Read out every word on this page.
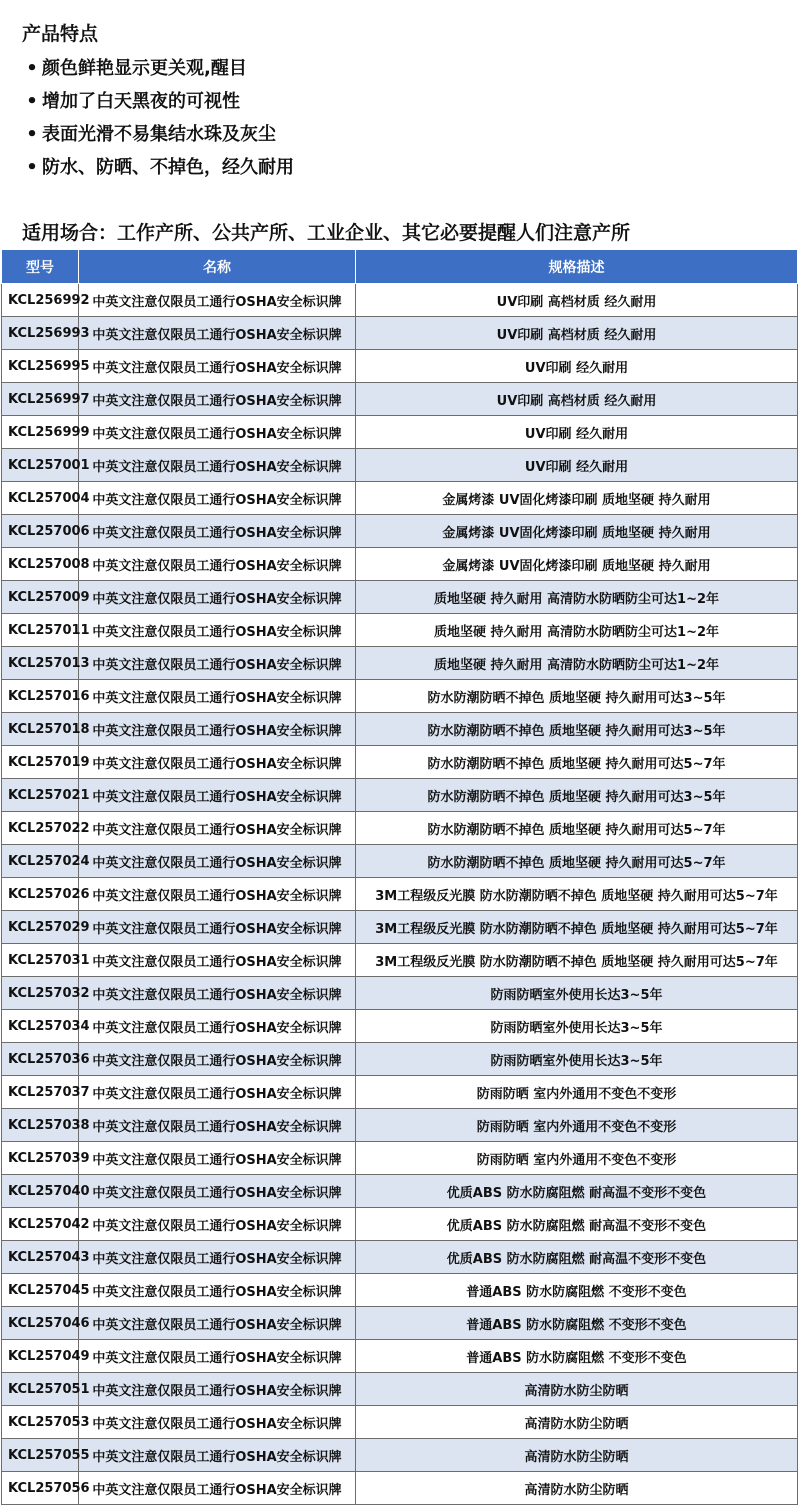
产品特点
• 颜色鲜艳显示更关观,醒目
• 增加了白天黑夜的可视性
• 表面光滑不易集结水珠及灰尘
• 防水、防晒、不掉色，经久耐用
适用场合：工作产所、公共产所、工业企业、其它必要提醒人们注意产所
型号	名称	规格描述
KCL256992	中英文注意仅限员工通行OSHA安全标识牌	UV印刷 高档材质 经久耐用
KCL256993	中英文注意仅限员工通行OSHA安全标识牌	UV印刷 高档材质 经久耐用
KCL256995	中英文注意仅限员工通行OSHA安全标识牌	UV印刷 经久耐用
KCL256997	中英文注意仅限员工通行OSHA安全标识牌	UV印刷 高档材质 经久耐用
KCL256999	中英文注意仅限员工通行OSHA安全标识牌	UV印刷 经久耐用
KCL257001	中英文注意仅限员工通行OSHA安全标识牌	UV印刷 经久耐用
KCL257004	中英文注意仅限员工通行OSHA安全标识牌	金属烤漆 UV固化烤漆印刷 质地坚硬 持久耐用
KCL257006	中英文注意仅限员工通行OSHA安全标识牌	金属烤漆 UV固化烤漆印刷 质地坚硬 持久耐用
KCL257008	中英文注意仅限员工通行OSHA安全标识牌	金属烤漆 UV固化烤漆印刷 质地坚硬 持久耐用
KCL257009	中英文注意仅限员工通行OSHA安全标识牌	质地坚硬 持久耐用 高清防水防晒防尘可达1~2年
KCL257011	中英文注意仅限员工通行OSHA安全标识牌	质地坚硬 持久耐用 高清防水防晒防尘可达1~2年
KCL257013	中英文注意仅限员工通行OSHA安全标识牌	质地坚硬 持久耐用 高清防水防晒防尘可达1~2年
KCL257016	中英文注意仅限员工通行OSHA安全标识牌	防水防潮防晒不掉色 质地坚硬 持久耐用可达3~5年
KCL257018	中英文注意仅限员工通行OSHA安全标识牌	防水防潮防晒不掉色 质地坚硬 持久耐用可达3~5年
KCL257019	中英文注意仅限员工通行OSHA安全标识牌	防水防潮防晒不掉色 质地坚硬 持久耐用可达5~7年
KCL257021	中英文注意仅限员工通行OSHA安全标识牌	防水防潮防晒不掉色 质地坚硬 持久耐用可达3~5年
KCL257022	中英文注意仅限员工通行OSHA安全标识牌	防水防潮防晒不掉色 质地坚硬 持久耐用可达5~7年
KCL257024	中英文注意仅限员工通行OSHA安全标识牌	防水防潮防晒不掉色 质地坚硬 持久耐用可达5~7年
KCL257026	中英文注意仅限员工通行OSHA安全标识牌	3M工程级反光膜 防水防潮防晒不掉色 质地坚硬 持久耐用可达5~7年
KCL257029	中英文注意仅限员工通行OSHA安全标识牌	3M工程级反光膜 防水防潮防晒不掉色 质地坚硬 持久耐用可达5~7年
KCL257031	中英文注意仅限员工通行OSHA安全标识牌	3M工程级反光膜 防水防潮防晒不掉色 质地坚硬 持久耐用可达5~7年
KCL257032	中英文注意仅限员工通行OSHA安全标识牌	防雨防晒室外使用长达3~5年
KCL257034	中英文注意仅限员工通行OSHA安全标识牌	防雨防晒室外使用长达3~5年
KCL257036	中英文注意仅限员工通行OSHA安全标识牌	防雨防晒室外使用长达3~5年
KCL257037	中英文注意仅限员工通行OSHA安全标识牌	防雨防晒 室内外通用不变色不变形
KCL257038	中英文注意仅限员工通行OSHA安全标识牌	防雨防晒 室内外通用不变色不变形
KCL257039	中英文注意仅限员工通行OSHA安全标识牌	防雨防晒 室内外通用不变色不变形
KCL257040	中英文注意仅限员工通行OSHA安全标识牌	优质ABS 防水防腐阻燃 耐高温不变形不变色
KCL257042	中英文注意仅限员工通行OSHA安全标识牌	优质ABS 防水防腐阻燃 耐高温不变形不变色
KCL257043	中英文注意仅限员工通行OSHA安全标识牌	优质ABS 防水防腐阻燃 耐高温不变形不变色
KCL257045	中英文注意仅限员工通行OSHA安全标识牌	普通ABS 防水防腐阻燃 不变形不变色
KCL257046	中英文注意仅限员工通行OSHA安全标识牌	普通ABS 防水防腐阻燃 不变形不变色
KCL257049	中英文注意仅限员工通行OSHA安全标识牌	普通ABS 防水防腐阻燃 不变形不变色
KCL257051	中英文注意仅限员工通行OSHA安全标识牌	高清防水防尘防晒
KCL257053	中英文注意仅限员工通行OSHA安全标识牌	高清防水防尘防晒
KCL257055	中英文注意仅限员工通行OSHA安全标识牌	高清防水防尘防晒
KCL257056	中英文注意仅限员工通行OSHA安全标识牌	高清防水防尘防晒
